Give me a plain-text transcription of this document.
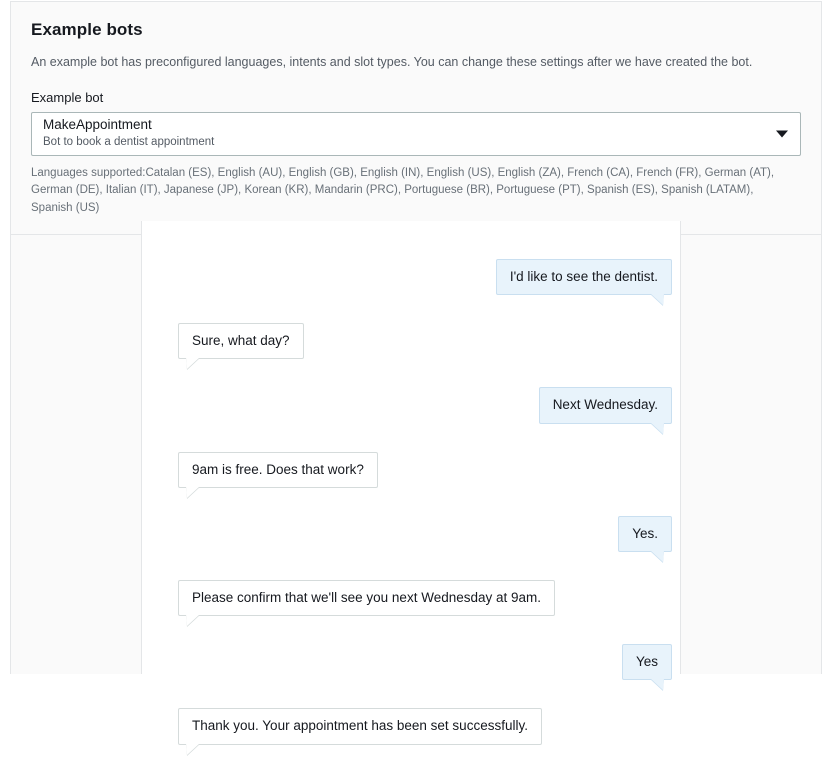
Example bots

An example bot has preconfigured languages, intents and slot types. You can change these settings after we have created the bot.

Example bot
MakeAppointment
Bot to book a dentist appointment
Languages supported:Catalan (ES), English (AU), English (GB), English (IN), English (US), English (ZA), French (CA), French (FR), German (AT), German (DE), Italian (IT), Japanese (JP), Korean (KR), Mandarin (PRC), Portuguese (BR), Portuguese (PT), Spanish (ES), Spanish (LATAM), Spanish (US)
I'd like to see the dentist.
Sure, what day?
Next Wednesday.
9am is free. Does that work?
Yes.
Please confirm that we'll see you next Wednesday at 9am.
Yes
Thank you. Your appointment has been set successfully.
